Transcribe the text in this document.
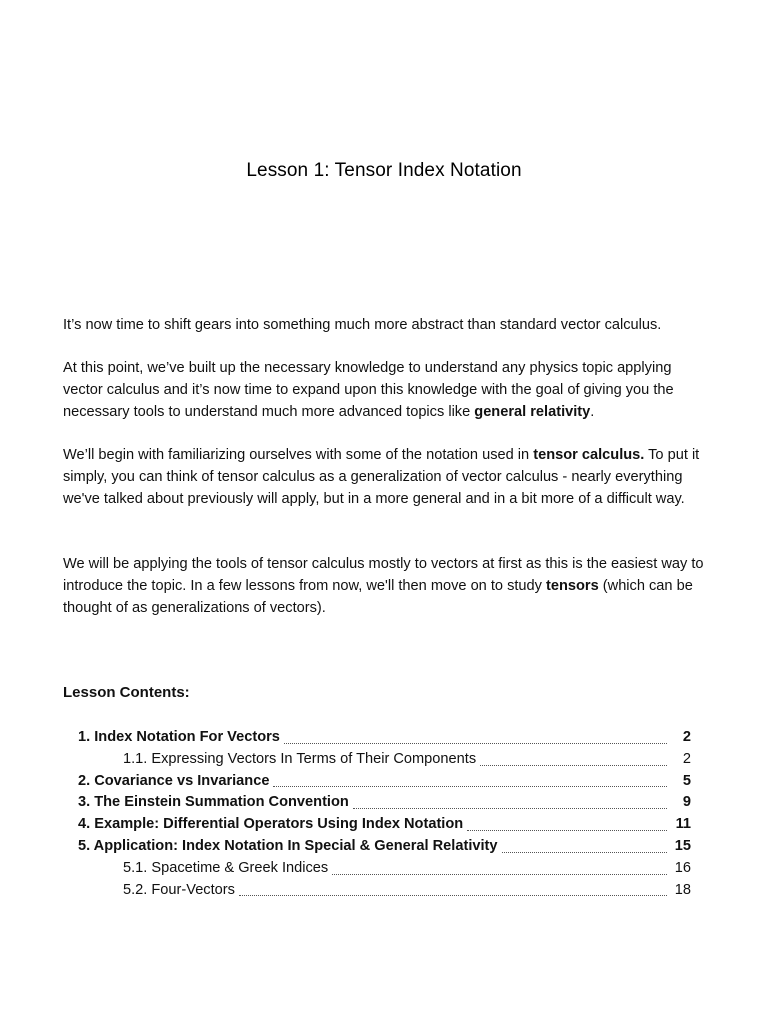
Lesson 1: Tensor Index Notation

It’s now time to shift gears into something much more abstract than standard vector calculus.

At this point, we’ve built up the necessary knowledge to understand any physics topic applying vector calculus and it’s now time to expand upon this knowledge with the goal of giving you the necessary tools to understand much more advanced topics like general relativity.

We’ll begin with familiarizing ourselves with some of the notation used in tensor calculus. To put it simply, you can think of tensor calculus as a generalization of vector calculus - nearly everything we've talked about previously will apply, but in a more general and in a bit more of a difficult way.

We will be applying the tools of tensor calculus mostly to vectors at first as this is the easiest way to introduce the topic. In a few lessons from now, we'll then move on to study tensors (which can be thought of as generalizations of vectors).

Lesson Contents:
1. Index Notation For Vectors	2
1.1. Expressing Vectors In Terms of Their Components	2
2. Covariance vs Invariance	5
3. The Einstein Summation Convention	9
4. Example: Differential Operators Using Index Notation	11
5. Application: Index Notation In Special & General Relativity	15
5.1. Spacetime & Greek Indices	16
5.2. Four-Vectors	18
